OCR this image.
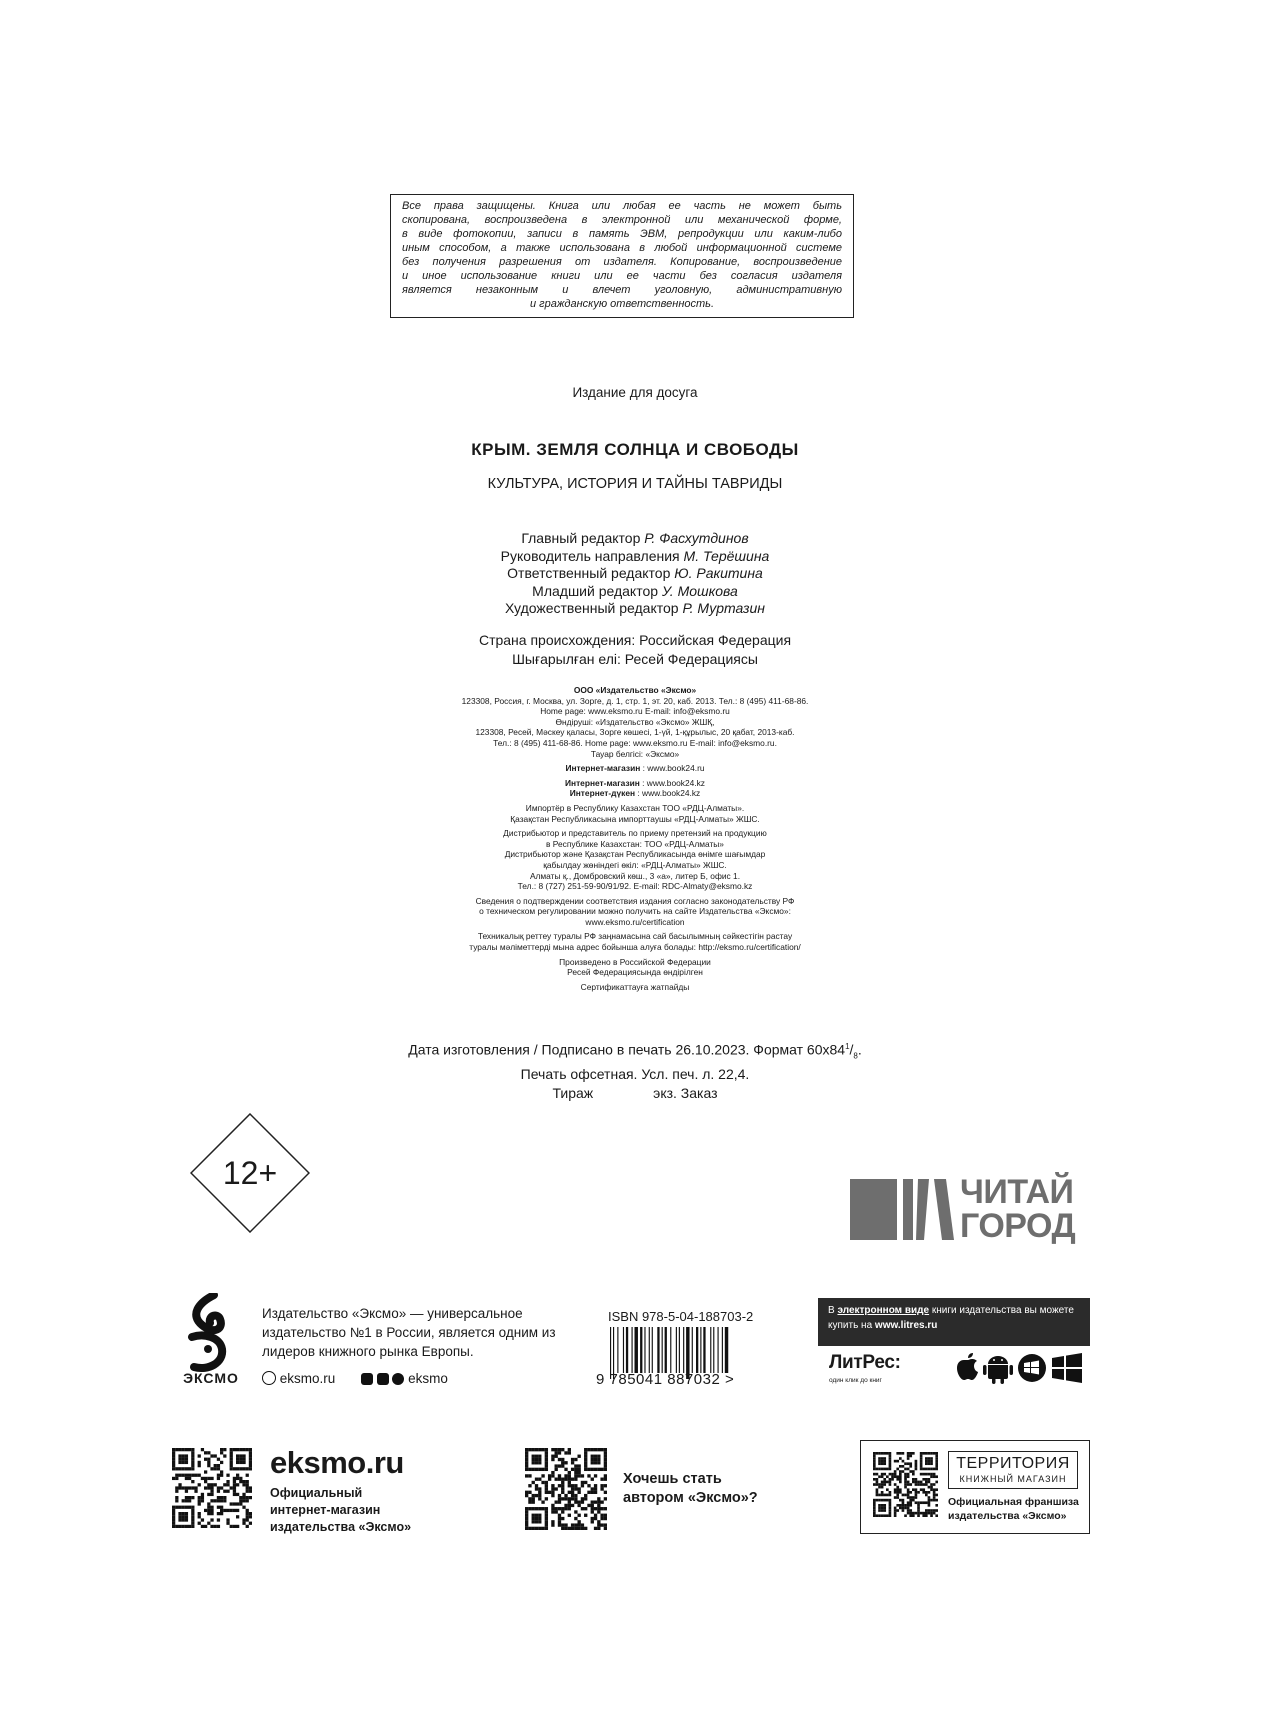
Все права защищены. Книга или любая ее часть не может быть
скопирована, воспроизведена в электронной или механической форме,
в виде фотокопии, записи в память ЭВМ, репродукции или каким-либо
иным способом, а также использована в любой информационной системе
без получения разрешения от издателя. Копирование, воспроизведение
и иное использование книги или ее части без согласия издателя
является незаконным и влечет уголовную, административную
и гражданскую ответственность.
Издание для досуга
КРЫМ. ЗЕМЛЯ СОЛНЦА И СВОБОДЫ
КУЛЬТУРА, ИСТОРИЯ И ТАЙНЫ ТАВРИДЫ
Главный редактор Р. Фасхутдинов
Руководитель направления М. Терёшина
Ответственный редактор Ю. Ракитина
Младший редактор У. Мошкова
Художественный редактор Р. Муртазин
Страна происхождения: Российская Федерация
Шығарылған елі: Ресей Федерациясы
ООО «Издательство «Эксмо»
123308, Россия, г. Москва, ул. Зорге, д. 1, стр. 1, эт. 20, каб. 2013. Тел.: 8 (495) 411-68-86.
Home page: www.eksmo.ru E-mail: info@eksmo.ru
Өндіруші: «Издательство «Эксмо» ЖШҚ,
123308, Ресей, Мәскеу қаласы, Зорге көшесі, 1-үй, 1-құрылыс, 20 қабат, 2013-каб.
Тел.: 8 (495) 411-68-86. Home page: www.eksmo.ru E-mail: info@eksmo.ru.
Тауар белгісі: «Эксмо»
Интернет-магазин : www.book24.ru
Интернет-магазин : www.book24.kz
Интернет-дүкен : www.book24.kz
Импортёр в Республику Казахстан ТОО «РДЦ-Алматы».
Қазақстан Республикасына импорттаушы «РДЦ-Алматы» ЖШС.
Дистрибьютор и представитель по приему претензий на продукцию
в Республике Казахстан: ТОО «РДЦ-Алматы»
Дистрибьютор және Қазақстан Республикасында өнімге шағымдар
қабылдау жөніндегі өкіл: «РДЦ-Алматы» ЖШС.
Алматы қ., Домбровский көш., 3 «а», литер Б, офис 1.
Тел.: 8 (727) 251-59-90/91/92. E-mail: RDC-Almaty@eksmo.kz
Сведения о подтверждении соответствия издания согласно законодательству РФ
о техническом регулировании можно получить на сайте Издательства «Эксмо»:
www.eksmo.ru/certification
Техникалық реттеу туралы РФ заңнамасына сай басылымның сәйкестігін растау
туралы мәліметтерді мына адрес бойынша алуға болады: http://eksmo.ru/certification/
Произведено в Российской Федерации
Ресей Федерациясында өндірілген
Сертификаттауға жатпайды
Дата изготовления / Подписано в печать 26.10.2023. Формат $60х84^1/_8$.
Печать офсетная. Усл. печ. л. 22,4.
Тираж	экз. Заказ
12+	ЧИТАЙ
ГОРОД
ЭКСМО
Издательство «Эксмо» — универсальное издательство №1 в России, является одним из лидеров книжного рынка Европы.
eksmo.ru	eksmo
ISBN 978-5-04-188703-2
9 785041 887032 >
В электронном виде книги издательства вы можете
купить на www.litres.ru
ЛитРес:
один клик до книг
eksmo.ru
Официальный
интернет-магазин
издательства «Эксмо»
Хочешь стать
автором «Эксмо»?
ТЕРРИТОРИЯ
КНИЖНЫЙ МАГАЗИН
Официальная франшиза
издательства «Эксмо»
